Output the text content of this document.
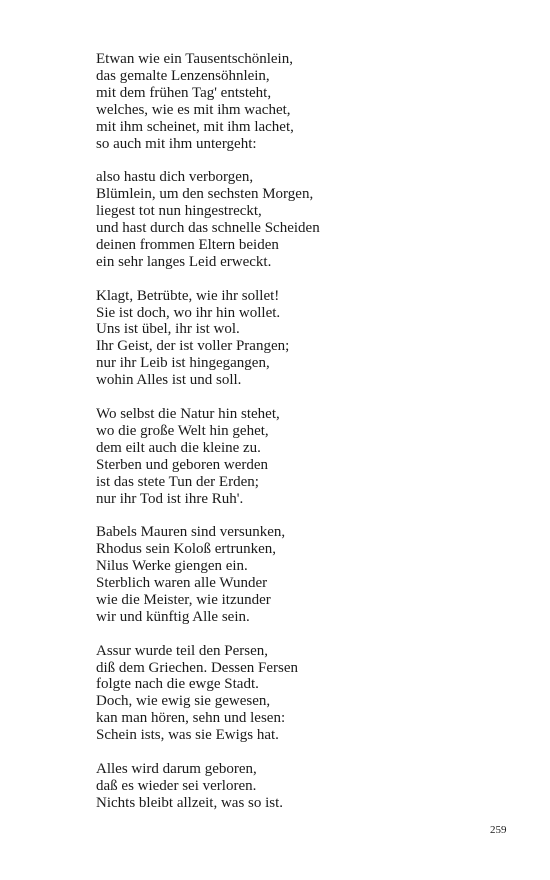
Etwan wie ein Tausentschönlein,
das gemalte Lenzensöhnlein,
mit dem frühen Tag' entsteht,
welches, wie es mit ihm wachet,
mit ihm scheinet, mit ihm lachet,
so auch mit ihm untergeht:
also hastu dich verborgen,
Blümlein, um den sechsten Morgen,
liegest tot nun hingestreckt,
und hast durch das schnelle Scheiden
deinen frommen Eltern beiden
ein sehr langes Leid erweckt.
Klagt, Betrübte, wie ihr sollet!
Sie ist doch, wo ihr hin wollet.
Uns ist übel, ihr ist wol.
Ihr Geist, der ist voller Prangen;
nur ihr Leib ist hingegangen,
wohin Alles ist und soll.
Wo selbst die Natur hin stehet,
wo die große Welt hin gehet,
dem eilt auch die kleine zu.
Sterben und geboren werden
ist das stete Tun der Erden;
nur ihr Tod ist ihre Ruh'.
Babels Mauren sind versunken,
Rhodus sein Koloß ertrunken,
Nilus Werke giengen ein.
Sterblich waren alle Wunder
wie die Meister, wie itzunder
wir und künftig Alle sein.
Assur wurde teil den Persen,
diß dem Griechen. Dessen Fersen
folgte nach die ewge Stadt.
Doch, wie ewig sie gewesen,
kan man hören, sehn und lesen:
Schein ists, was sie Ewigs hat.
Alles wird darum geboren,
daß es wieder sei verloren.
Nichts bleibt allzeit, was so ist.
259
